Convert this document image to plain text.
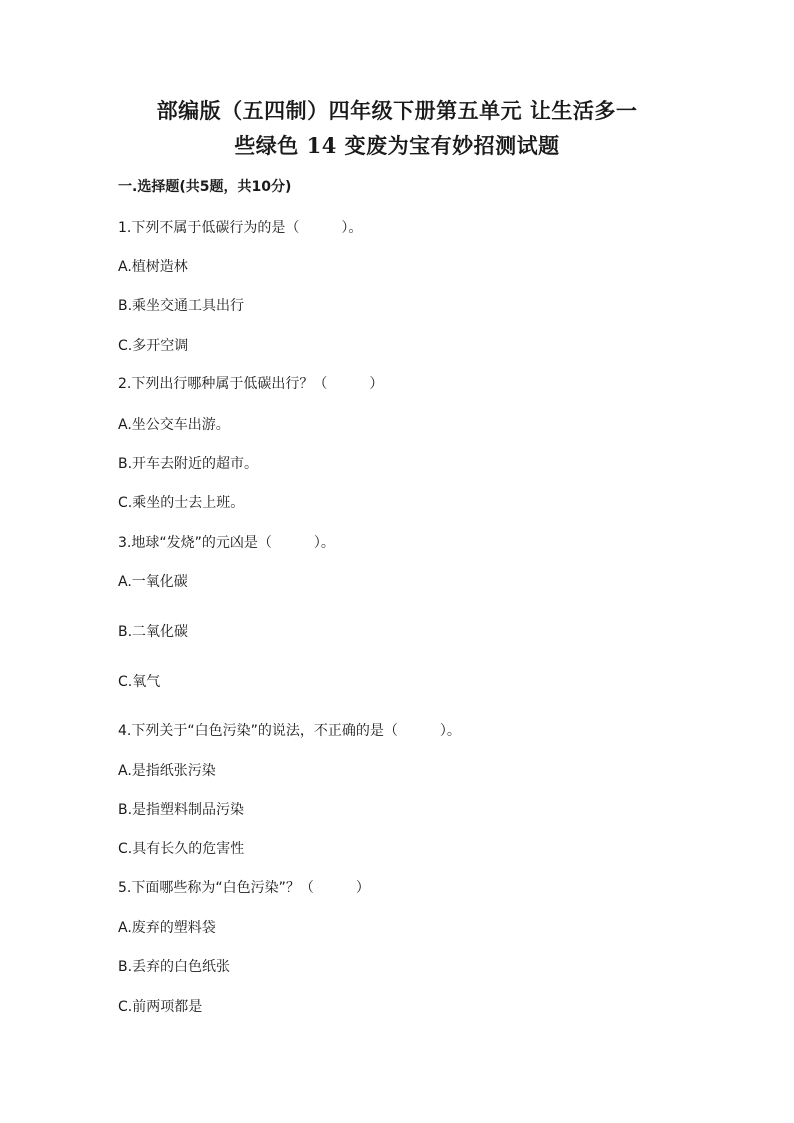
部编版（五四制）四年级下册第五单元 让生活多一
些绿色 14 变废为宝有妙招测试题
一.选择题(共5题，共10分)
1.下列不属于低碳行为的是（　　　）。
A.植树造林
B.乘坐交通工具出行
C.多开空调
2.下列出行哪种属于低碳出行？（　　　）
A.坐公交车出游。
B.开车去附近的超市。
C.乘坐的士去上班。
3.地球“发烧”的元凶是（　　　）。
A.一氧化碳
B.二氧化碳
C.氧气
4.下列关于“白色污染”的说法，不正确的是（　　　）。
A.是指纸张污染
B.是指塑料制品污染
C.具有长久的危害性
5.下面哪些称为“白色污染”？（　　　）
A.废弃的塑料袋
B.丢弃的白色纸张
C.前两项都是
